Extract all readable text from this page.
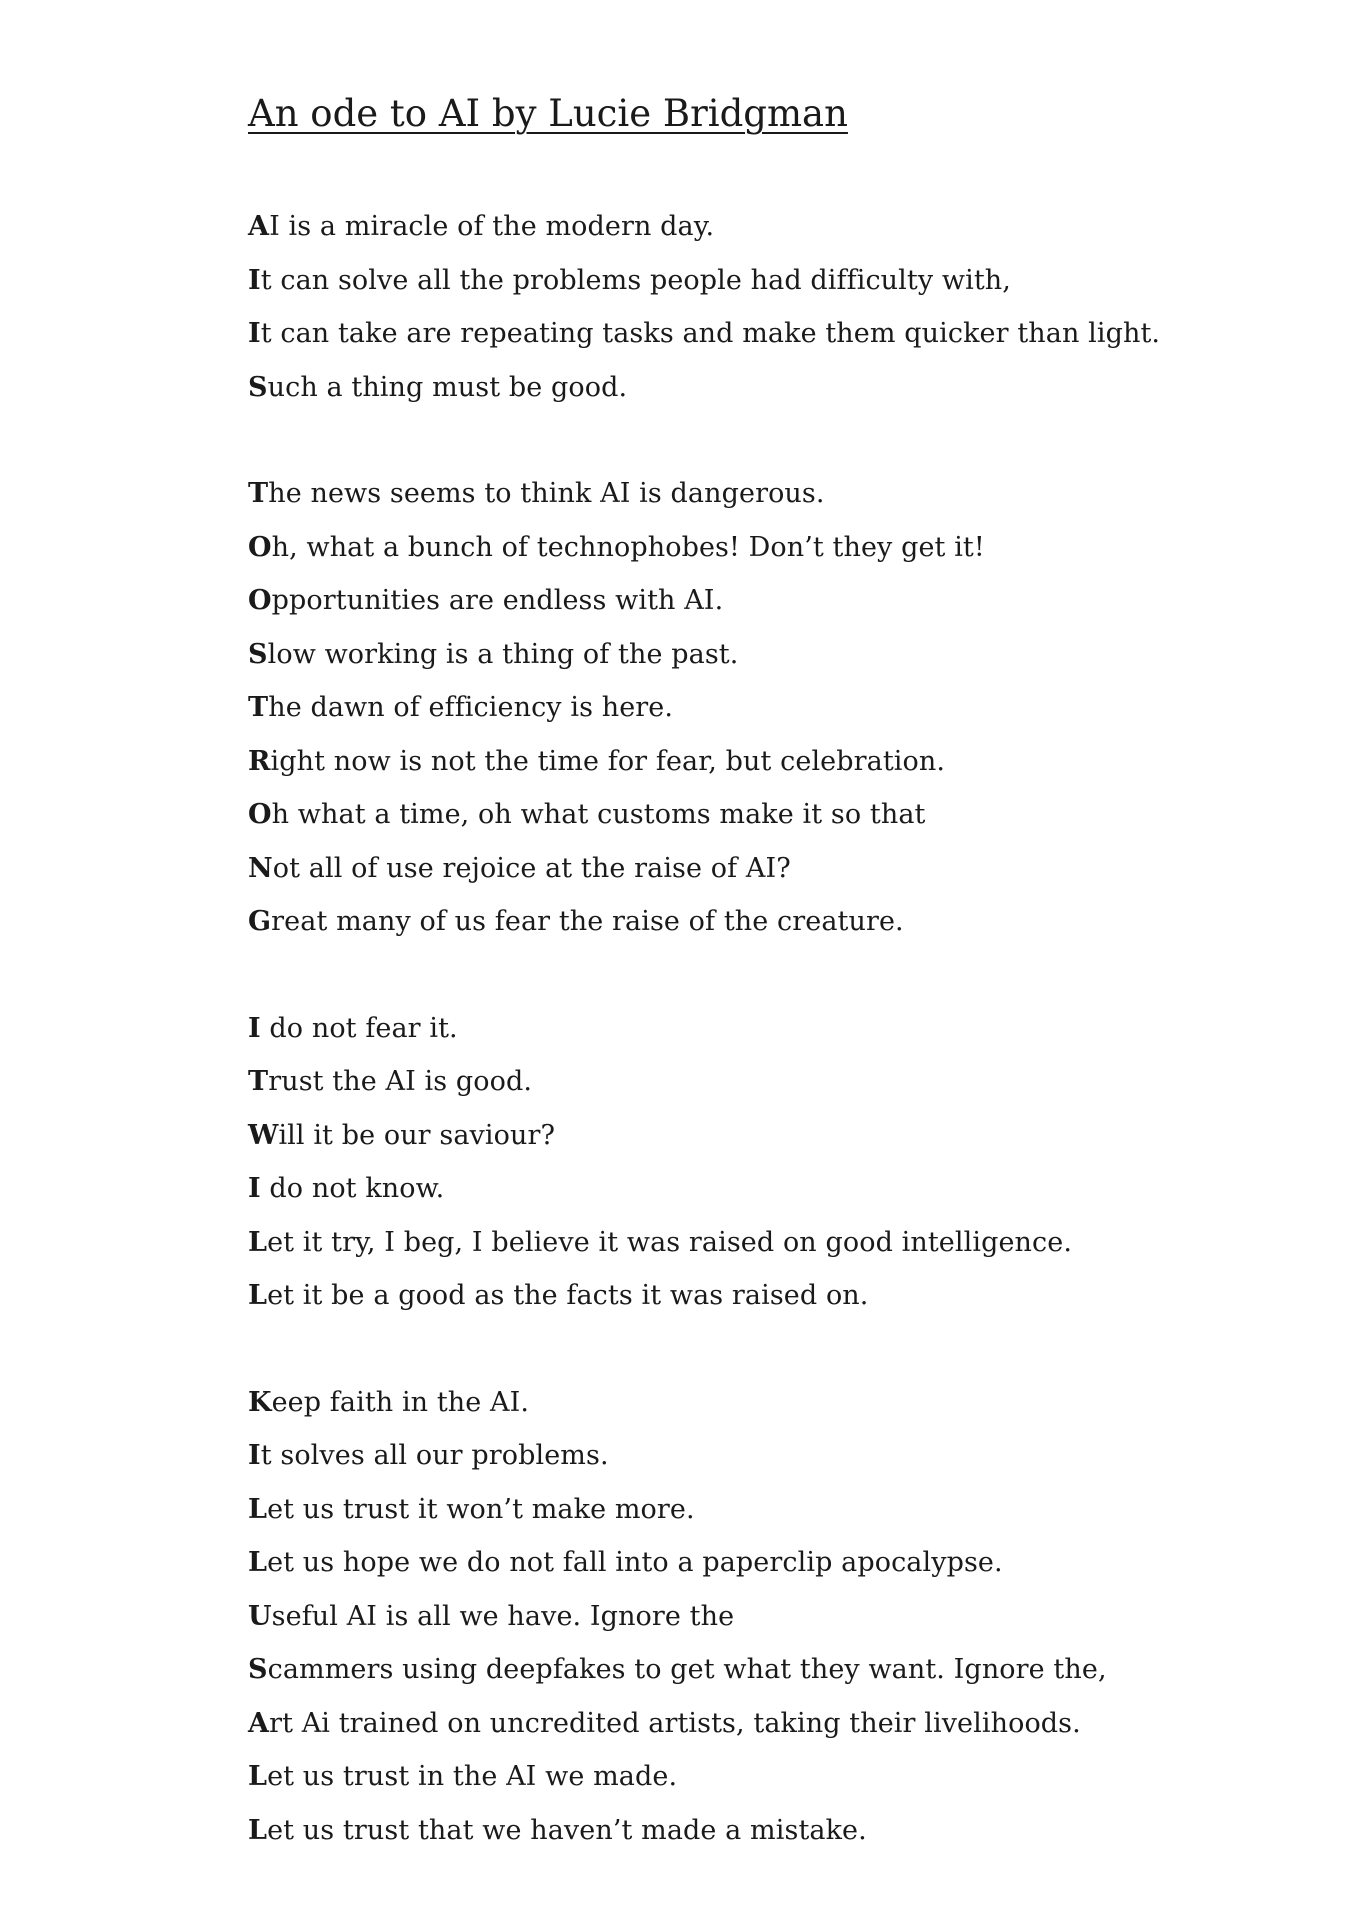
An ode to AI by Lucie Bridgman
AI is a miracle of the modern day.
It can solve all the problems people had difficulty with,
It can take are repeating tasks and make them quicker than light.
Such a thing must be good.
The news seems to think AI is dangerous.
Oh, what a bunch of technophobes! Don’t they get it!
Opportunities are endless with AI.
Slow working is a thing of the past.
The dawn of efficiency is here.
Right now is not the time for fear, but celebration.
Oh what a time, oh what customs make it so that
Not all of use rejoice at the raise of AI?
Great many of us fear the raise of the creature.
I do not fear it.
Trust the AI is good.
Will it be our saviour?
I do not know.
Let it try, I beg, I believe it was raised on good intelligence.
Let it be a good as the facts it was raised on.
Keep faith in the AI.
It solves all our problems.
Let us trust it won’t make more.
Let us hope we do not fall into a paperclip apocalypse.
Useful AI is all we have. Ignore the
Scammers using deepfakes to get what they want. Ignore the,
Art Ai trained on uncredited artists, taking their livelihoods.
Let us trust in the AI we made.
Let us trust that we haven’t made a mistake.
